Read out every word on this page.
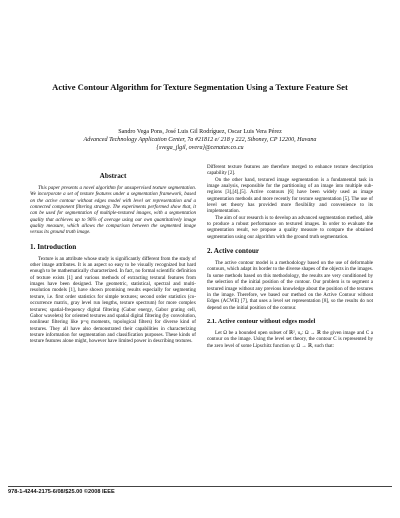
Active Contour Algorithm for Texture Segmentation Using a Texture Feature Set
Sandro Vega Pons, José Luis Gil Rodríguez, Oscar Luis Vera Pérez
Advanced Technology Application Center, 7a #21812 e/ 218 y 222, Siboney, CP 12200, Havana
{svega_jlgil, overa}@cenatav.co.cu
Abstract

This paper presents a novel algorithm for unsupervised texture segmentation. We incorporate a set of texture features under a segmentation framework, based on the active contour without edges model with level set representation and a connected component filtering strategy. The experiments performed show that, it can be used for segmentation of multiple-textured images, with a segmentation quality that achieves up to 96% of average using our own quantitatively image quality measure, which allows the comparison between the segmented image versus its ground truth image.

1. Introduction

Texture is an attribute whose study is significantly different from the study of other image attributes. It is an aspect so easy to be visually recognized but hard enough to be mathematically characterized. In fact, no formal scientific definition of texture exists [1] and various methods of extracting textural features from images have been designed. The geometric, statistical, spectral and multi-resolution models [1], have shown promising results especially for segmenting texture, i.e. first order statistics for simple textures; second order statistics (co-occurrence matrix, gray level run lengths, texture spectrum) for more complex textures; spatial-frequency digital filtering (Gabor energy, Gabor grating cell, Gabor wavelets) for oriented textures and spatial digital filtering (by convolution, nonlinear filtering like p=q moments, topological filters) for diverse kind of textures. They all have also demonstrated their capabilities in characterizing texture information for segmentation and classification purposes. These kinds of texture features alone might, however have limited power in describing textures.

Different texture features are therefore merged to enhance texture description capability [2].

On the other hand, textured image segmentation is a fundamental task in image analysis, responsible for the partitioning of an image into multiple sub-regions [3],[4],[5]. Active contours [6] have been widely used as image segmentation methods and more recently for texture segmentation [5]. The use of level set theory has provided more flexibility and convenience to its implementation.

The aim of our research is to develop an advanced segmentation method, able to produce a robust performance on textured images. In order to evaluate the segmentation result, we propose a quality measure to compare the obtained segmentation using our algorithm with the ground truth segmentation.

2. Active contour

The active contour model is a methodology based on the use of deformable contours, which adapt its border to the diverse shapes of the objects in the images. In some methods based on this methodology, the results are very conditioned by the selection of the initial position of the contour. Our problem is to segment a textured image without any previous knowledge about the position of the textures in the image. Therefore, we based our method on the Active Contour without Edges (ACWE) [7], that uses a level set representation [8], so the results do not depend on the initial position of the contour.

2.1. Active contour without edges model

Let Ω be a bounded open subset of ℝ², u₀: Ω → ℝ the given image and C a contour on the image. Using the level set theory, the contour C is represented by the zero level of some Lipschitz function φ: Ω → ℝ, such that:

978-1-4244-2175-6/08/$25.00 ©2008 IEEE
